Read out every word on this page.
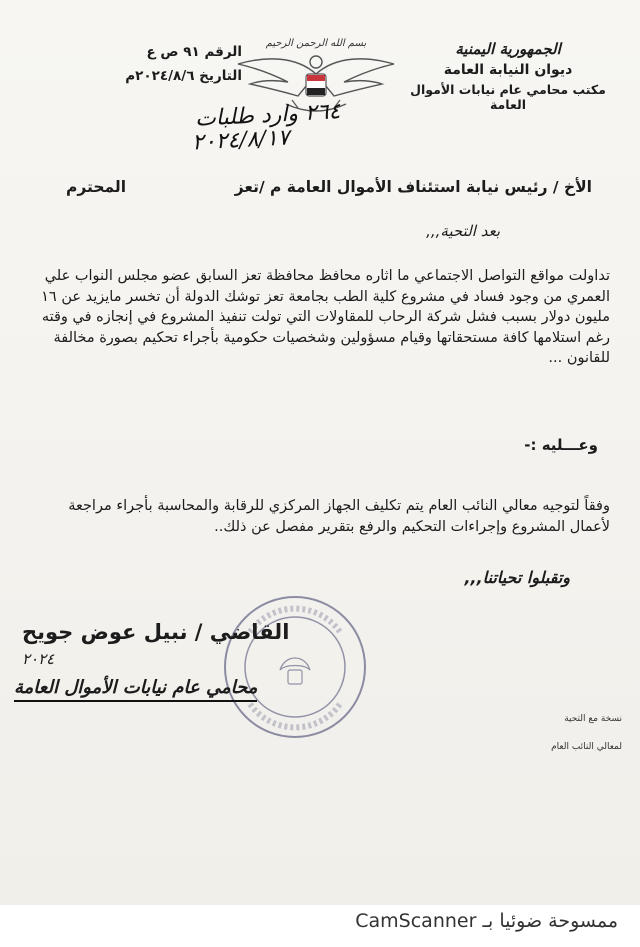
الجمهورية اليمنية
ديوان النيابة العامة
مكتب محامي عام نيابات الأموال العامة
الرقم ٩١ ص ع
التاريخ ٢٠٢٤/٨/٦م
بسم الله الرحمن الرحيم
٢٦٤ وارد طلبات
٢٠٢٤/٨/١٧
الأخ / رئيس نيابة استئناف الأموال العامة م /تعز
المحترم
بعد التحية,,,
تداولت مواقع التواصل الاجتماعي ما اثاره محافظ محافظة تعز السابق عضو مجلس النواب علي العمري من وجود فساد في مشروع كلية الطب بجامعة تعز توشك الدولة أن تخسر مايزيد عن ١٦ مليون دولار بسبب فشل شركة الرحاب للمقاولات التي تولت تنفيذ المشروع في إنجازه في وقته رغم استلامها كافة مستحقاتها وقيام مسؤولين وشخصيات حكومية بأجراء تحكيم بصورة مخالفة للقانون ...
وعـــليه :-
وفقاً لتوجيه معالي النائب العام يتم تكليف الجهاز المركزي للرقابة والمحاسبة بأجراء مراجعة لأعمال المشروع وإجراءات التحكيم والرفع بتقرير مفصل عن ذلك..
وتقبلوا تحياتنا,,,
القاضي / نبيل عوض جويح
٢٠٢٤
محامي عام نيابات الأموال العامة
نسخة مع التحية
لمعالي النائب العام
ممسوحة ضوئيا بـ CamScanner
